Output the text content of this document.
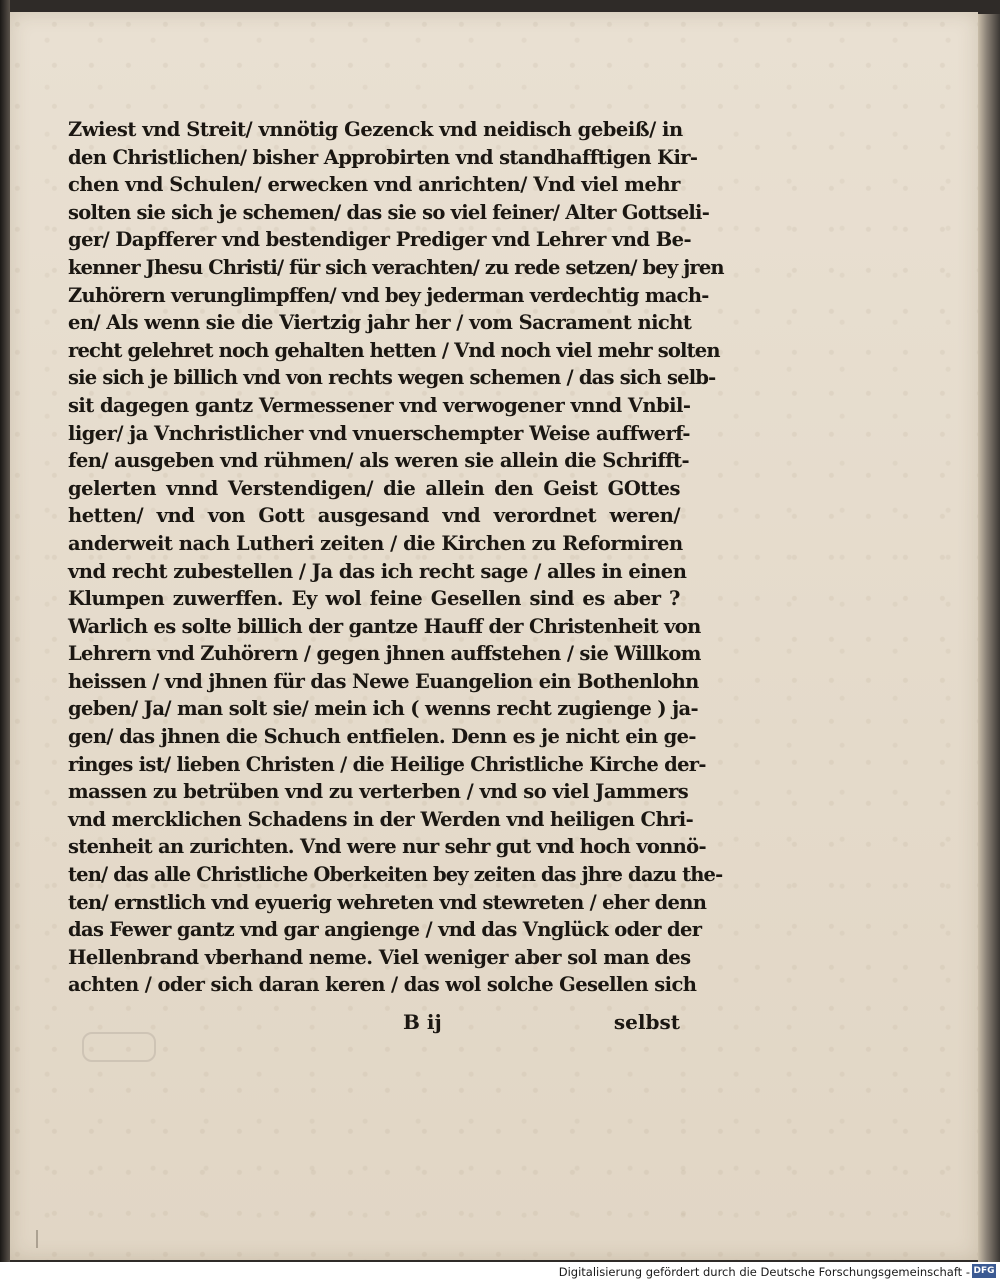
Zwiest vnd Streit/ vnnötig Gezenck vnd neidisch gebeiß/ in
den Christlichen/ bisher Approbirten vnd standhafftigen Kir-
chen vnd Schulen/ erwecken vnd anrichten/ Vnd viel mehr
solten sie sich je schemen/ das sie so viel feiner/ Alter Gottseli-
ger/ Dapfferer vnd bestendiger Prediger vnd Lehrer vnd Be-
kenner Jhesu Christi/ für sich verachten/ zu rede setzen/ bey jren
Zuhörern verunglimpffen/ vnd bey jederman verdechtig mach-
en/ Als wenn sie die Viertzig jahr her / vom Sacrament nicht
recht gelehret noch gehalten hetten / Vnd noch viel mehr solten
sie sich je billich vnd von rechts wegen schemen / das sich selb-
sit dagegen gantz Vermessener vnd verwogener vnnd Vnbil-
liger/ ja Vnchristlicher vnd vnuerschempter Weise auffwerf-
fen/ ausgeben vnd rühmen/ als weren sie allein die Schrifft-
gelerten vnnd Verstendigen/ die allein den Geist GOttes
hetten/ vnd von Gott ausgesand vnd verordnet weren/
anderweit nach Lutheri zeiten / die Kirchen zu Reformiren
vnd recht zubestellen / Ja das ich recht sage / alles in einen
Klumpen zuwerffen. Ey wol feine Gesellen sind es aber ?
Warlich es solte billich der gantze Hauff der Christenheit von
Lehrern vnd Zuhörern / gegen jhnen auffstehen / sie Willkom
heissen / vnd jhnen für das Newe Euangelion ein Bothenlohn
geben/ Ja/ man solt sie/ mein ich ( wenns recht zugienge ) ja-
gen/ das jhnen die Schuch entfielen. Denn es je nicht ein ge-
ringes ist/ lieben Christen / die Heilige Christliche Kirche der-
massen zu betrüben vnd zu verterben / vnd so viel Jammers
vnd mercklichen Schadens in der Werden vnd heiligen Chri-
stenheit an zurichten. Vnd were nur sehr gut vnd hoch vonnö-
ten/ das alle Christliche Oberkeiten bey zeiten das jhre dazu the-
ten/ ernstlich vnd eyuerig wehreten vnd stewreten / eher denn
das Fewer gantz vnd gar angienge / vnd das Vnglück oder der
Hellenbrand vberhand neme. Viel weniger aber sol man des
achten / oder sich daran keren / das wol solche Gesellen sich
B ij	selbst
Digitalisierung gefördert durch die Deutsche Forschungsgemeinschaft - DFG
